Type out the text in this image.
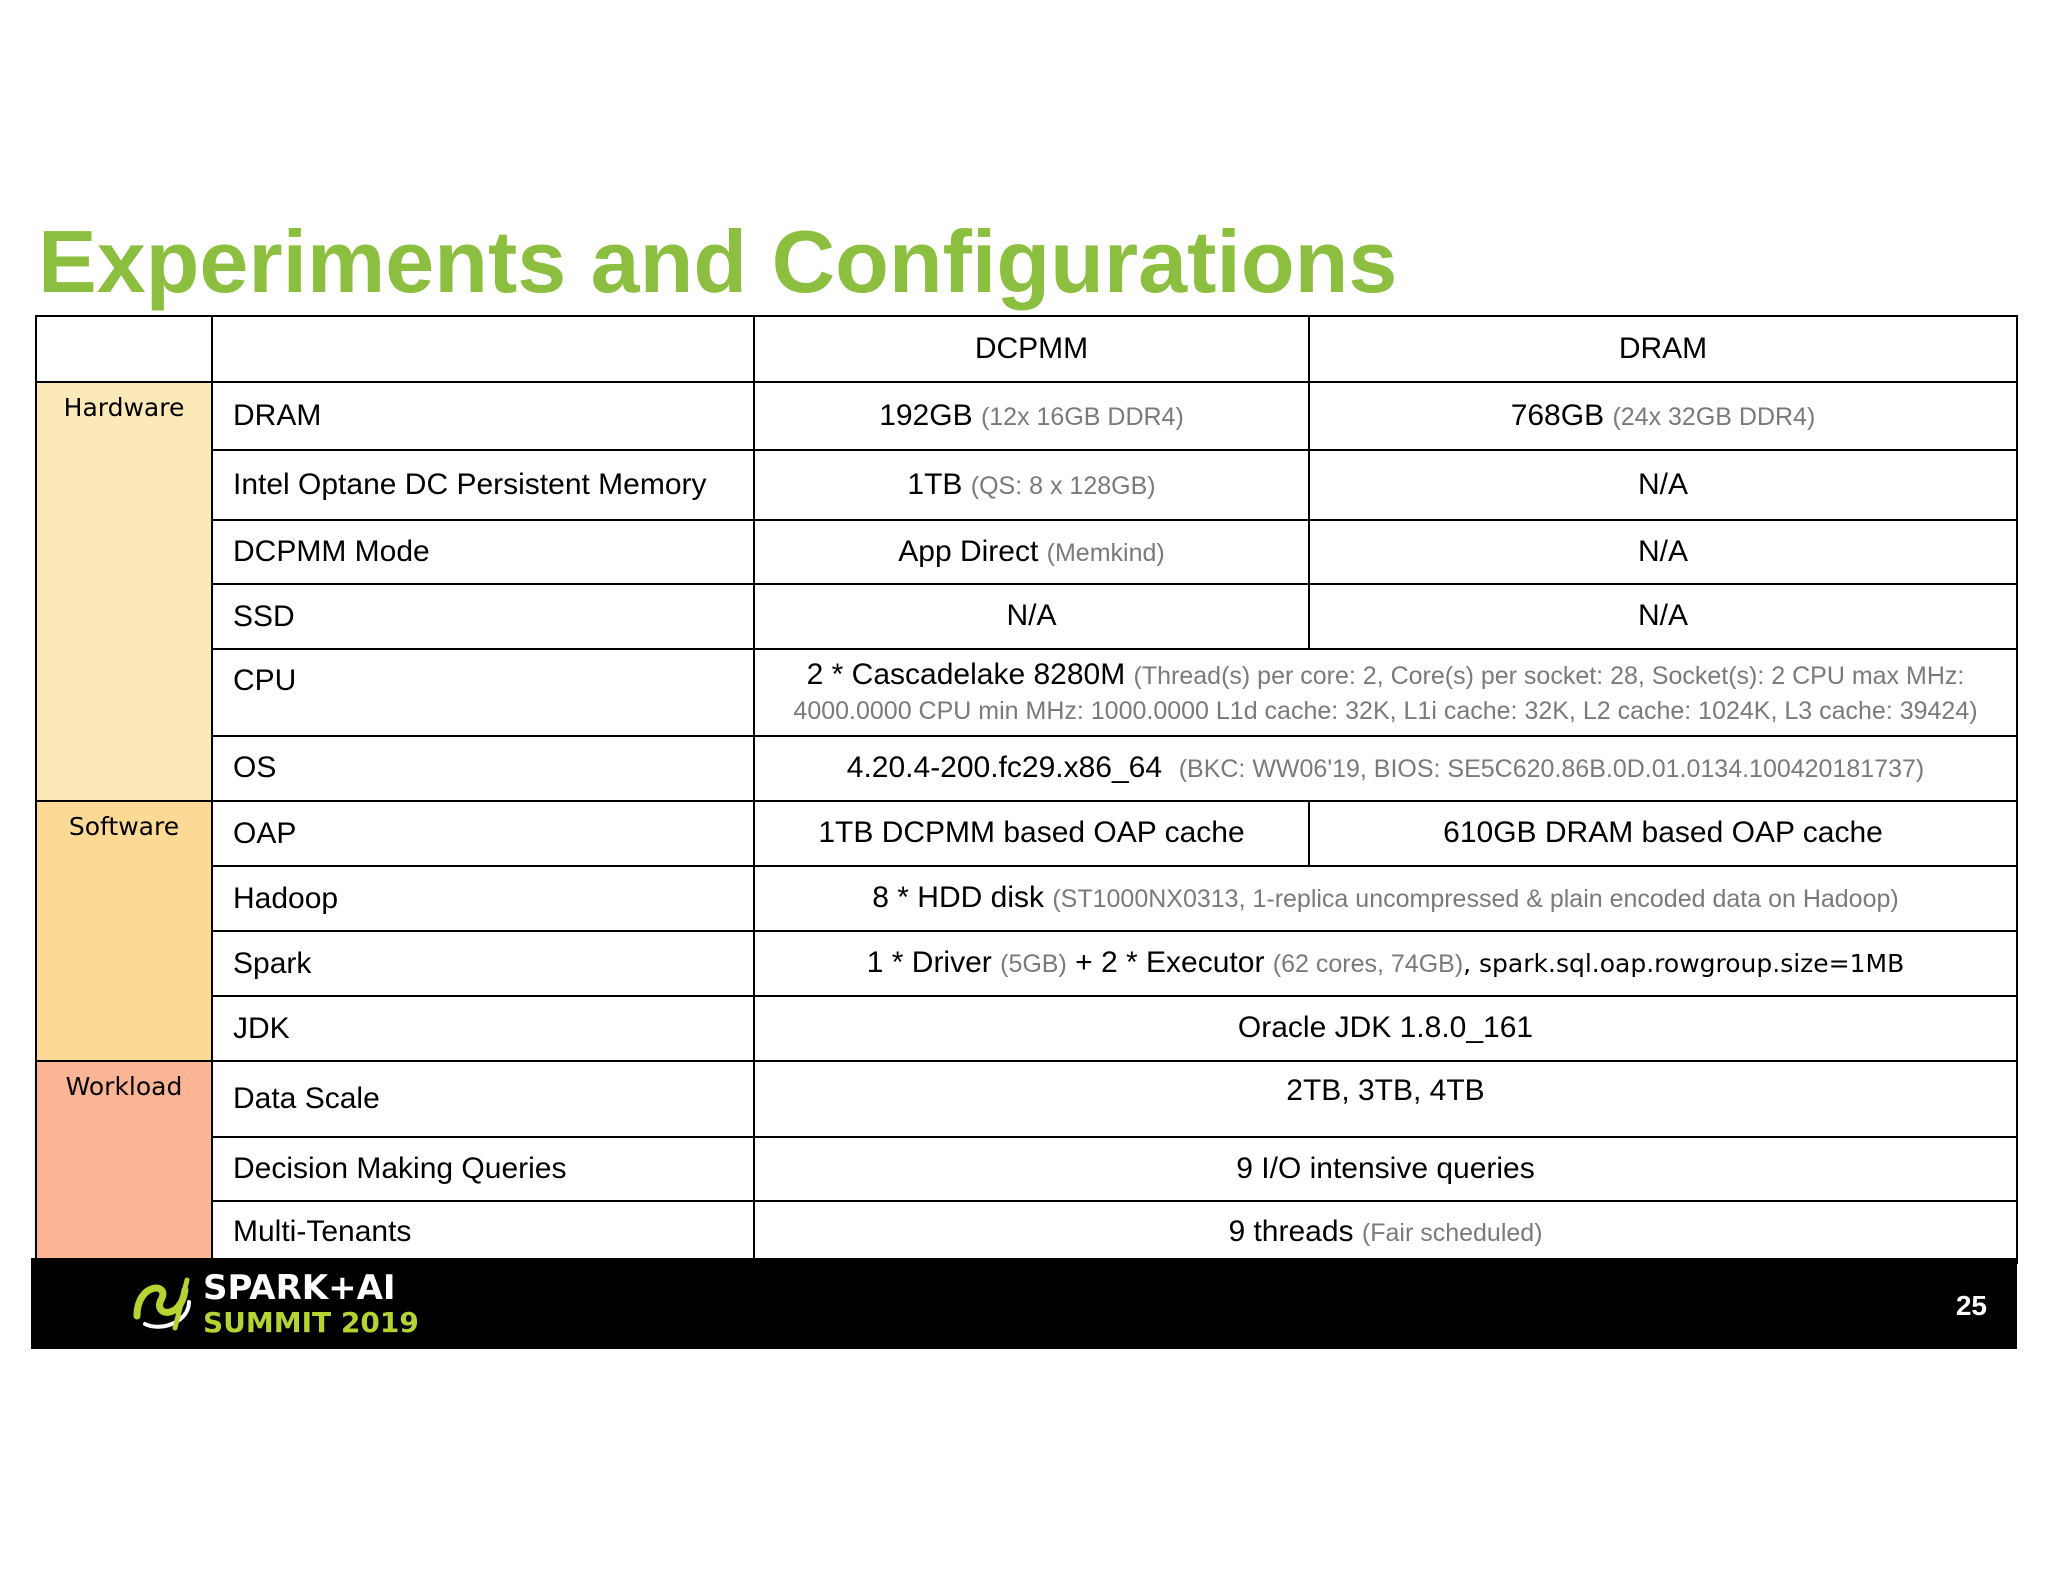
Experiments and Configurations
		DCPMM	DRAM
Hardware	DRAM	192GB (12x 16GB DDR4)	768GB (24x 32GB DDR4)
	Intel Optane DC Persistent Memory	1TB (QS: 8 x 128GB)	N/A
	DCPMM Mode	App Direct (Memkind)	N/A
	SSD	N/A	N/A
	CPU	2 * Cascadelake 8280M (Thread(s) per core: 2, Core(s) per socket: 28, Socket(s): 2 CPU max MHz: 4000.0000 CPU min MHz: 1000.0000 L1d cache: 32K, L1i cache: 32K, L2 cache: 1024K, L3 cache: 39424)	
	OS	4.20.4-200.fc29.x86_64 (BKC: WW06'19, BIOS: SE5C620.86B.0D.01.0134.100420181737)	
Software	OAP	1TB DCPMM based OAP cache	610GB DRAM based OAP cache
	Hadoop	8 * HDD disk (ST1000NX0313, 1-replica uncompressed & plain encoded data on Hadoop)	
	Spark	1 * Driver (5GB) + 2 * Executor (62 cores, 74GB), spark.sql.oap.rowgroup.size=1MB	
	JDK	Oracle JDK 1.8.0_161	
Workload	Data Scale	2TB, 3TB, 4TB	
	Decision Making Queries	9 I/O intensive queries	
	Multi-Tenants	9 threads (Fair scheduled)	
SPARK+AI
SUMMIT 2019
25
